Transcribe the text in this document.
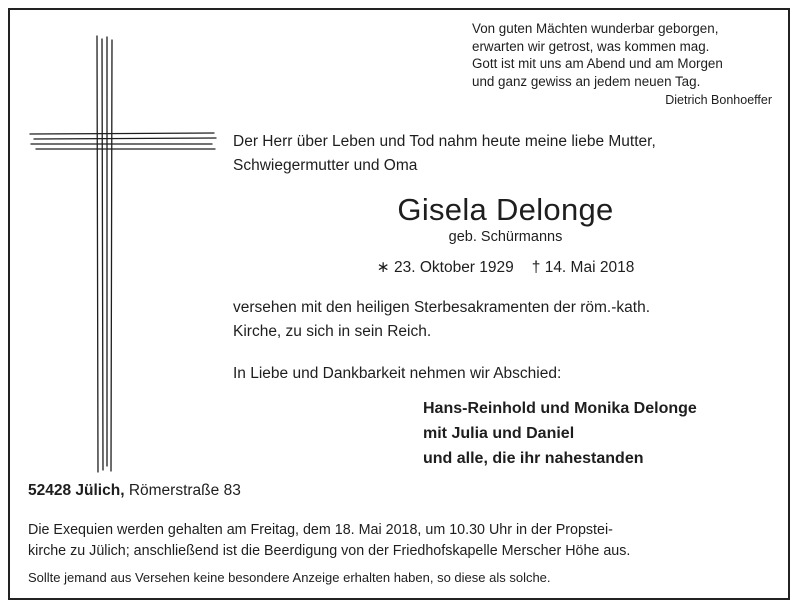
Von guten Mächten wunderbar geborgen,
erwarten wir getrost, was kommen mag.
Gott ist mit uns am Abend und am Morgen
und ganz gewiss an jedem neuen Tag.
Dietrich Bonhoeffer
Der Herr über Leben und Tod nahm heute meine liebe Mutter,
Schwiegermutter und Oma
Gisela Delonge
geb. Schürmanns
∗ 23. Oktober 1929 † 14. Mai 2018
versehen mit den heiligen Sterbesakramenten der röm.-kath.
Kirche, zu sich in sein Reich.
In Liebe und Dankbarkeit nehmen wir Abschied:
Hans-Reinhold und Monika Delonge
mit Julia und Daniel
und alle, die ihr nahestanden
52428 Jülich, Römerstraße 83
Die Exequien werden gehalten am Freitag, dem 18. Mai 2018, um 10.30 Uhr in der Propstei-
kirche zu Jülich; anschließend ist die Beerdigung von der Friedhofskapelle Merscher Höhe aus.
Sollte jemand aus Versehen keine besondere Anzeige erhalten haben, so diese als solche.
